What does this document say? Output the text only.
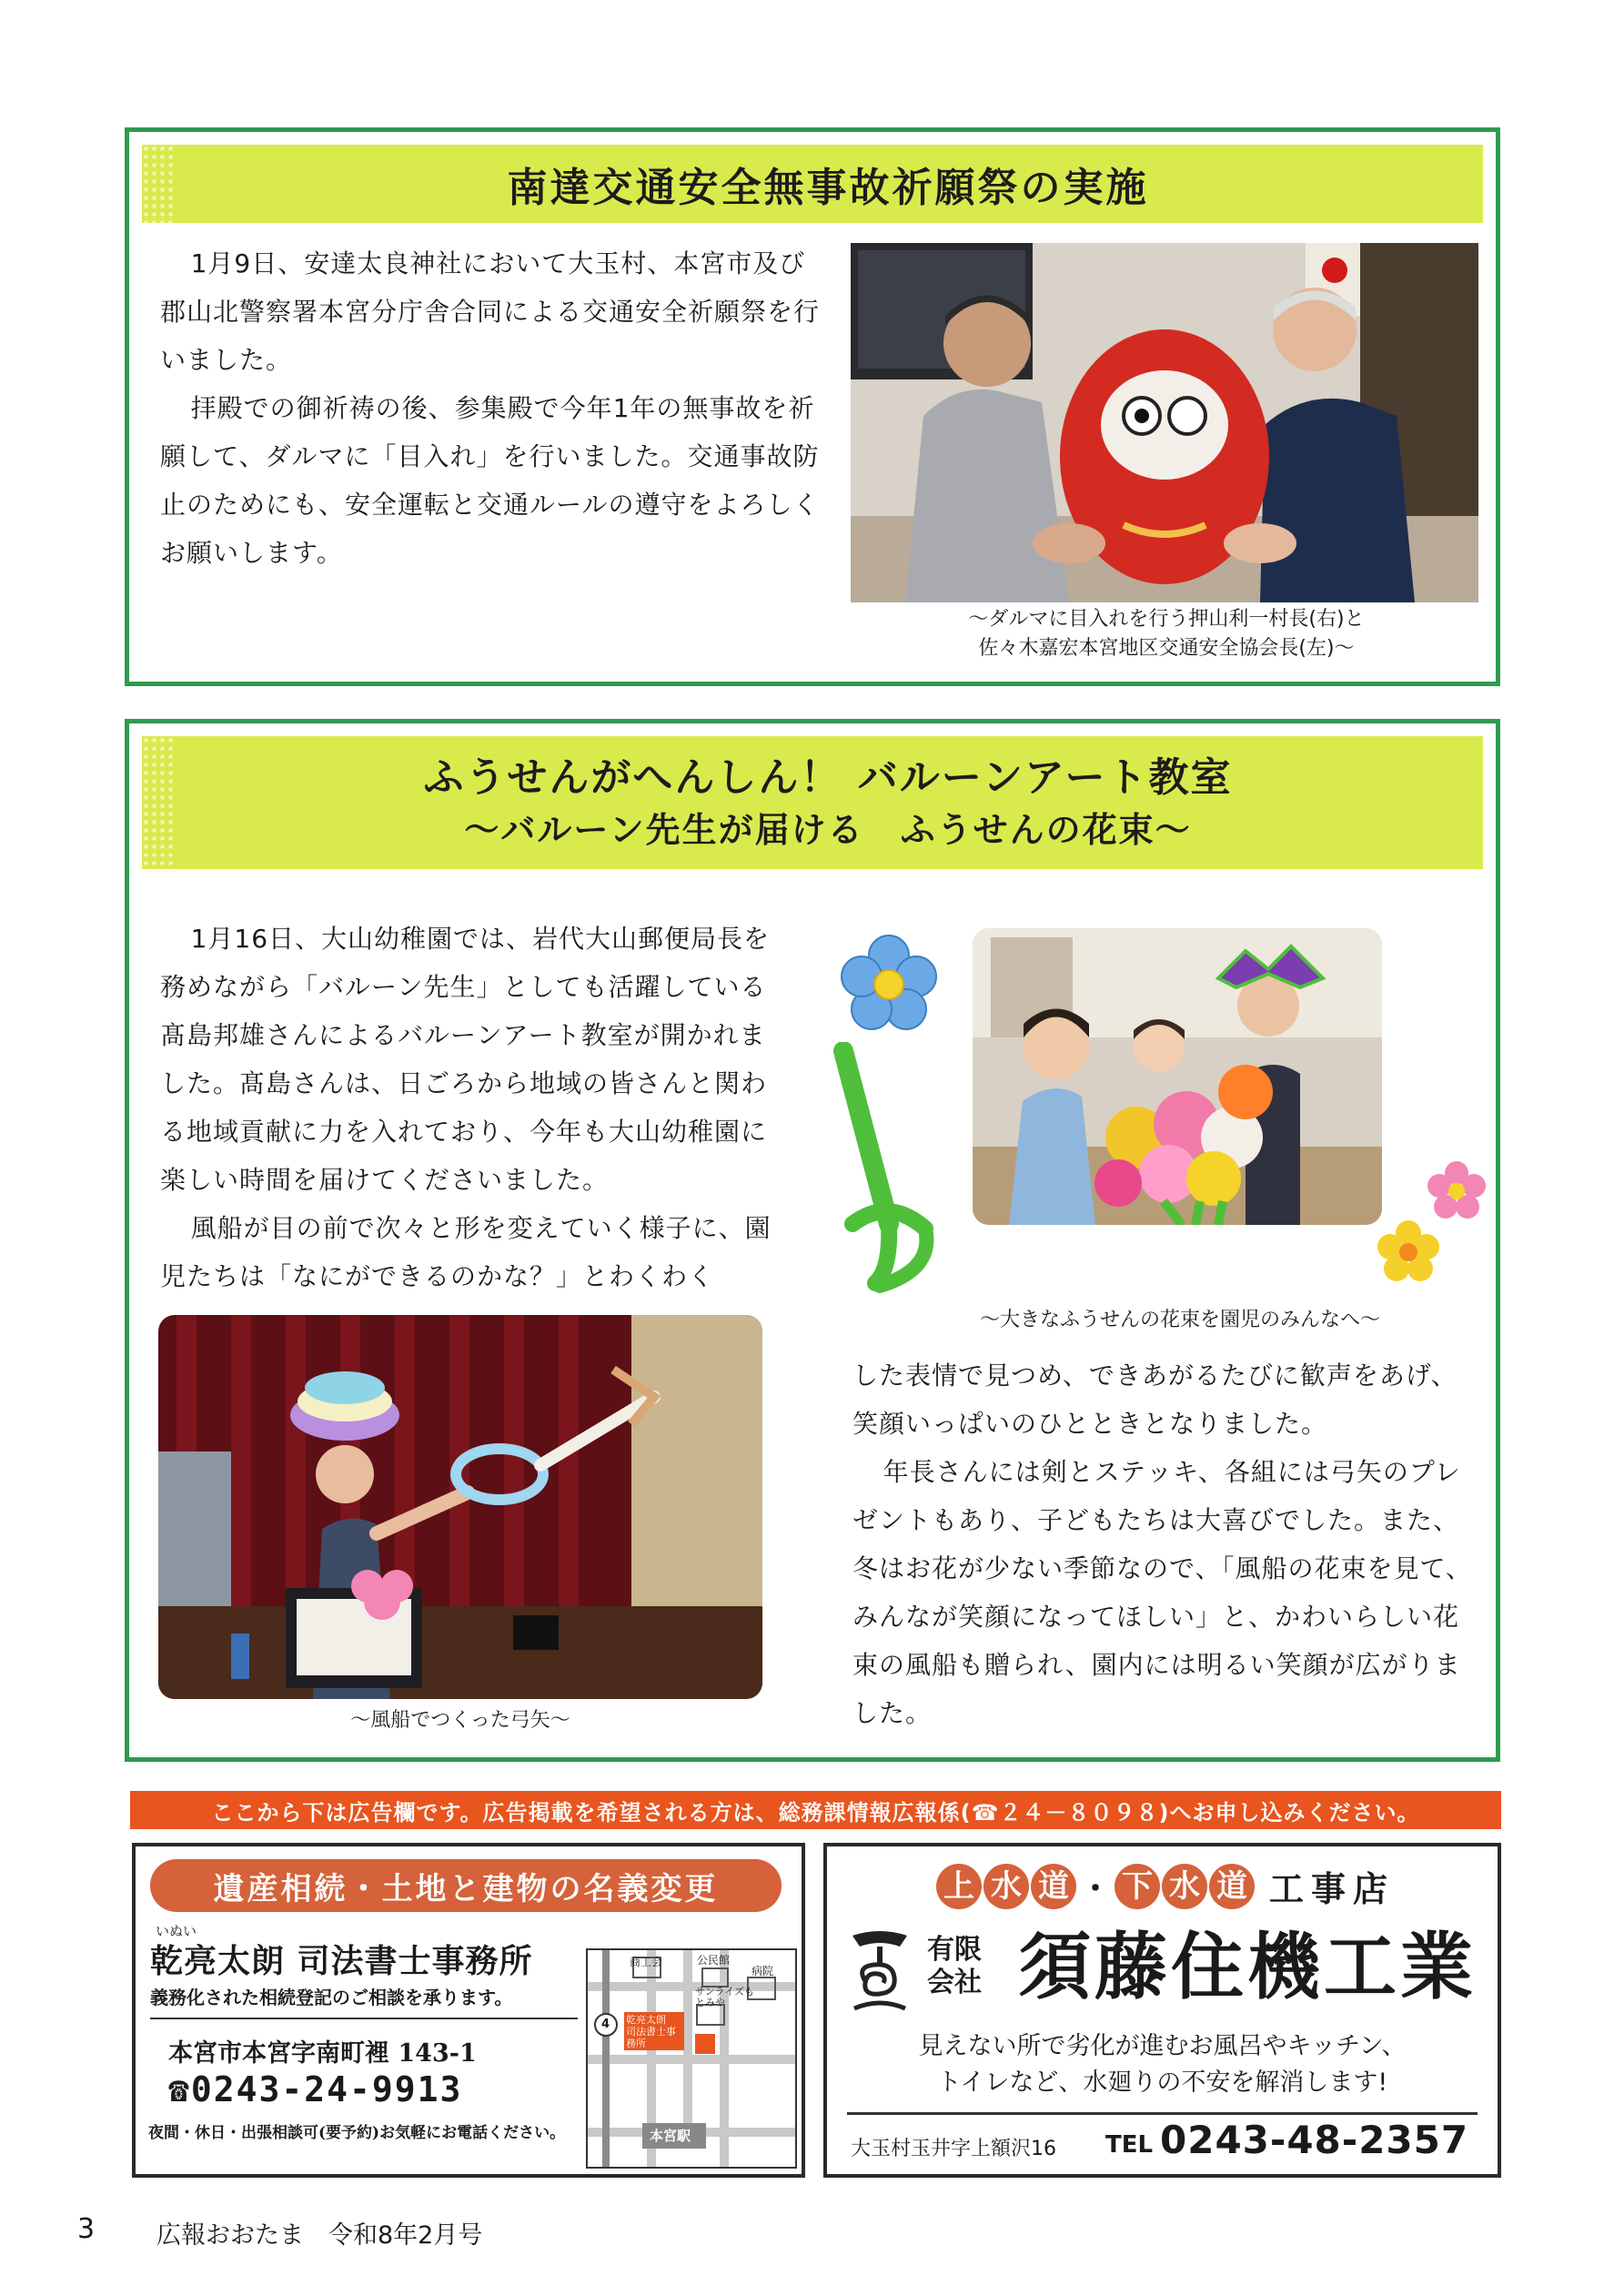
南達交通安全無事故祈願祭の実施

1月9日、安達太良神社において大玉村、本宮市及び郡山北警察署本宮分庁舎合同による交通安全祈願祭を行いました。

拝殿での御祈祷の後、参集殿で今年1年の無事故を祈願して、ダルマに「目入れ」を行いました。交通事故防止のためにも、安全運転と交通ルールの遵守をよろしくお願いします。

～ダルマに目入れを行う押山利一村長(右)と
佐々木嘉宏本宮地区交通安全協会長(左)～
ふうせんがへんしん！ バルーンアート教室
～バルーン先生が届ける　ふうせんの花束～

1月16日、大山幼稚園では、岩代大山郵便局長を務めながら「バルーン先生」としても活躍している髙島邦雄さんによるバルーンアート教室が開かれました。髙島さんは、日ごろから地域の皆さんと関わる地域貢献に力を入れており、今年も大山幼稚園に楽しい時間を届けてくださいました。

風船が目の前で次々と形を変えていく様子に、園児たちは「なにができるのかな？」とわくわく

～大きなふうせんの花束を園児のみんなへ～
～風船でつくった弓矢～

した表情で見つめ、できあがるたびに歓声をあげ、笑顔いっぱいのひとときとなりました。

年長さんには剣とステッキ、各組には弓矢のプレゼントもあり、子どもたちは大喜びでした。また、冬はお花が少ない季節なので、「風船の花束を見て、みんなが笑顔になってほしい」と、かわいらしい花束の風船も贈られ、園内には明るい笑顔が広がりました。

ここから下は広告欄です。広告掲載を希望される方は、総務課情報広報係(☎２４－８０９８)へお申し込みください。
遺産相続・土地と建物の名義変更
いぬい
乾亮太朗 司法書士事務所
義務化された相続登記のご相談を承ります。
本宮市本宮字南町裡 143-1
☎0243-24-9913
夜間・休日・出張相談可(要予約)お気軽にお電話ください。
商工会	公民館
病院
サンライズもとみや
乾亮太朗
司法書士事務所
4
本宮駅
上 水 道 ・ 下 水 道 工事店
有限
会社 須藤住機工業
見えない所で劣化が進むお風呂やキッチン、
トイレなど、水廻りの不安を解消します!
大玉村玉井字上額沢16 TEL 0243-48-2357
3	広報おおたま　令和8年2月号
